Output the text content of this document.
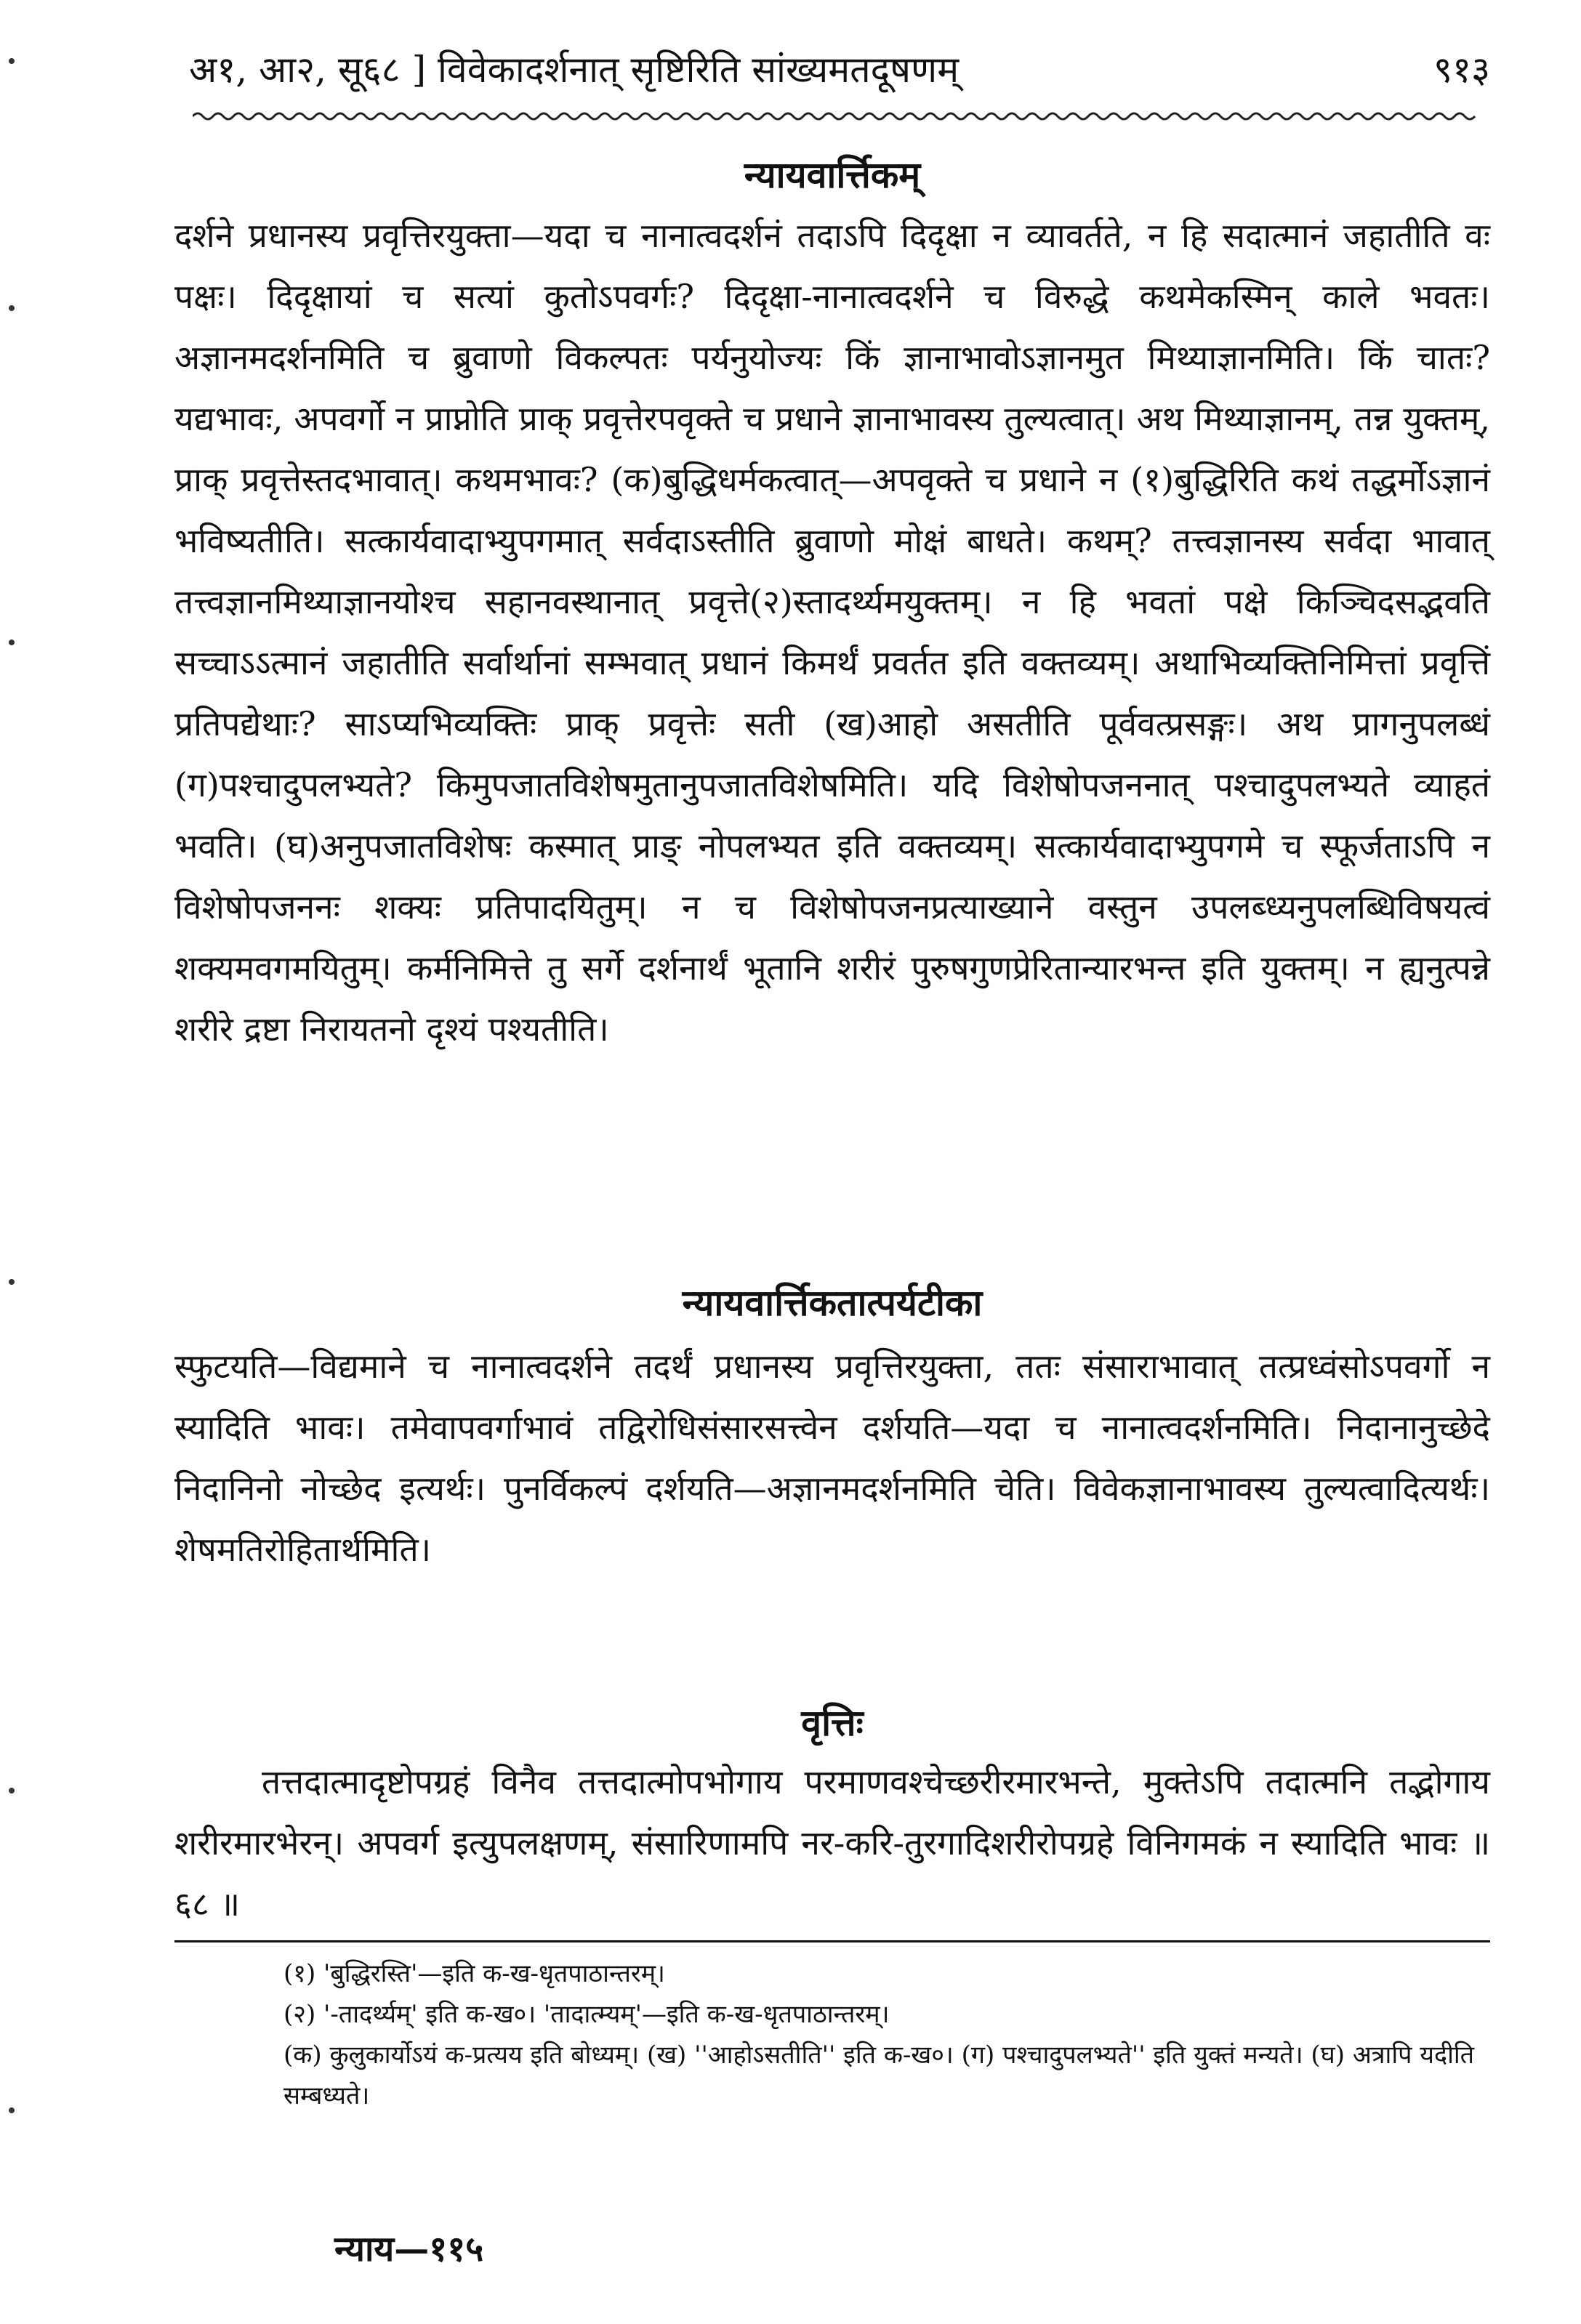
अ१, आ२, सू६८ ] विवेकादर्शनात् सृष्टिरिति सांख्यमतदूषणम्	९१३
न्यायवार्त्तिकम्
दर्शने प्रधानस्य प्रवृत्तिरयुक्ता—यदा च नानात्वदर्शनं तदाऽपि दिदृक्षा न व्यावर्तते, न हि सदात्मानं जहातीति वः पक्षः। दिदृक्षायां च सत्यां कुतोऽपवर्गः? दिदृक्षा-नानात्वदर्शने च विरुद्धे कथमेकस्मिन् काले भवतः। अज्ञानमदर्शनमिति च ब्रुवाणो विकल्पतः पर्यनुयोज्यः किं ज्ञानाभावोऽज्ञानमुत मिथ्याज्ञानमिति। किं चातः? यद्यभावः, अपवर्गो न प्राप्नोति प्राक् प्रवृत्तेरपवृक्ते च प्रधाने ज्ञानाभावस्य तुल्यत्वात्। अथ मिथ्याज्ञानम्, तन्न युक्तम्, प्राक् प्रवृत्तेस्तदभावात्। कथमभावः? (क)बुद्धिधर्मकत्वात्—अपवृक्ते च प्रधाने न (१)बुद्धिरिति कथं तद्धर्मोऽज्ञानं भविष्यतीति। सत्कार्यवादाभ्युपगमात् सर्वदाऽस्तीति ब्रुवाणो मोक्षं बाधते। कथम्? तत्त्वज्ञानस्य सर्वदा भावात् तत्त्वज्ञानमिथ्याज्ञानयोश्च सहानवस्थानात् प्रवृत्ते(२)स्तादर्थ्यमयुक्तम्। न हि भवतां पक्षे किञ्चिदसद्भवति सच्चाऽऽत्मानं जहातीति सर्वार्थानां सम्भवात् प्रधानं किमर्थं प्रवर्तत इति वक्तव्यम्। अथाभिव्यक्तिनिमित्तां प्रवृत्तिं प्रतिपद्येथाः? साऽप्यभिव्यक्तिः प्राक् प्रवृत्तेः सती (ख)आहो असतीति पूर्ववत्प्रसङ्गः। अथ प्रागनुपलब्धं (ग)पश्चादुपलभ्यते? किमुपजातविशेषमुतानुपजातविशेषमिति। यदि विशेषोपजननात् पश्चादुपलभ्यते व्याहतं भवति। (घ)अनुपजातविशेषः कस्मात् प्राङ् नोपलभ्यत इति वक्तव्यम्। सत्कार्यवादाभ्युपगमे च स्फूर्जताऽपि न विशेषोपजननः शक्यः प्रतिपादयितुम्। न च विशेषोपजनप्रत्याख्याने वस्तुन उपलब्ध्यनुपलब्धिविषयत्वं शक्यमवगमयितुम्। कर्मनिमित्ते तु सर्गे दर्शनार्थं भूतानि शरीरं पुरुषगुणप्रेरितान्यारभन्त इति युक्तम्। न ह्यनुत्पन्ने शरीरे द्रष्टा निरायतनो दृश्यं पश्यतीति।
न्यायवार्त्तिकतात्पर्यटीका
स्फुटयति—विद्यमाने च नानात्वदर्शने तदर्थं प्रधानस्य प्रवृत्तिरयुक्ता, ततः संसाराभावात् तत्प्रध्वंसोऽपवर्गो न स्यादिति भावः। तमेवापवर्गाभावं तद्विरोधिसंसारसत्त्वेन दर्शयति—यदा च नानात्वदर्शनमिति। निदानानुच्छेदे निदानिनो नोच्छेद इत्यर्थः। पुनर्विकल्पं दर्शयति—अज्ञानमदर्शनमिति चेति। विवेकज्ञानाभावस्य तुल्यत्वादित्यर्थः। शेषमतिरोहितार्थमिति।
वृत्तिः
तत्तदात्मादृष्टोपग्रहं विनैव तत्तदात्मोपभोगाय परमाणवश्चेच्छरीरमारभन्ते, मुक्तेऽपि तदात्मनि तद्भोगाय शरीरमारभेरन्। अपवर्ग इत्युपलक्षणम्, संसारिणामपि नर-करि-तुरगादिशरीरोपग्रहे विनिगमकं न स्यादिति भावः ॥ ६८ ॥

(१) 'बुद्धिरस्ति'—इति क-ख-धृतपाठान्तरम्।

(२) '-तादर्थ्यम्' इति क-ख०। 'तादात्म्यम्'—इति क-ख-धृतपाठान्तरम्।

(क) कुलुकार्योऽयं क-प्रत्यय इति बोध्यम्। (ख) ''आहोऽसतीति'' इति क-ख०। (ग) पश्चादुपलभ्यते'' इति युक्तं मन्यते। (घ) अत्रापि यदीति सम्बध्यते।

न्याय—११५
